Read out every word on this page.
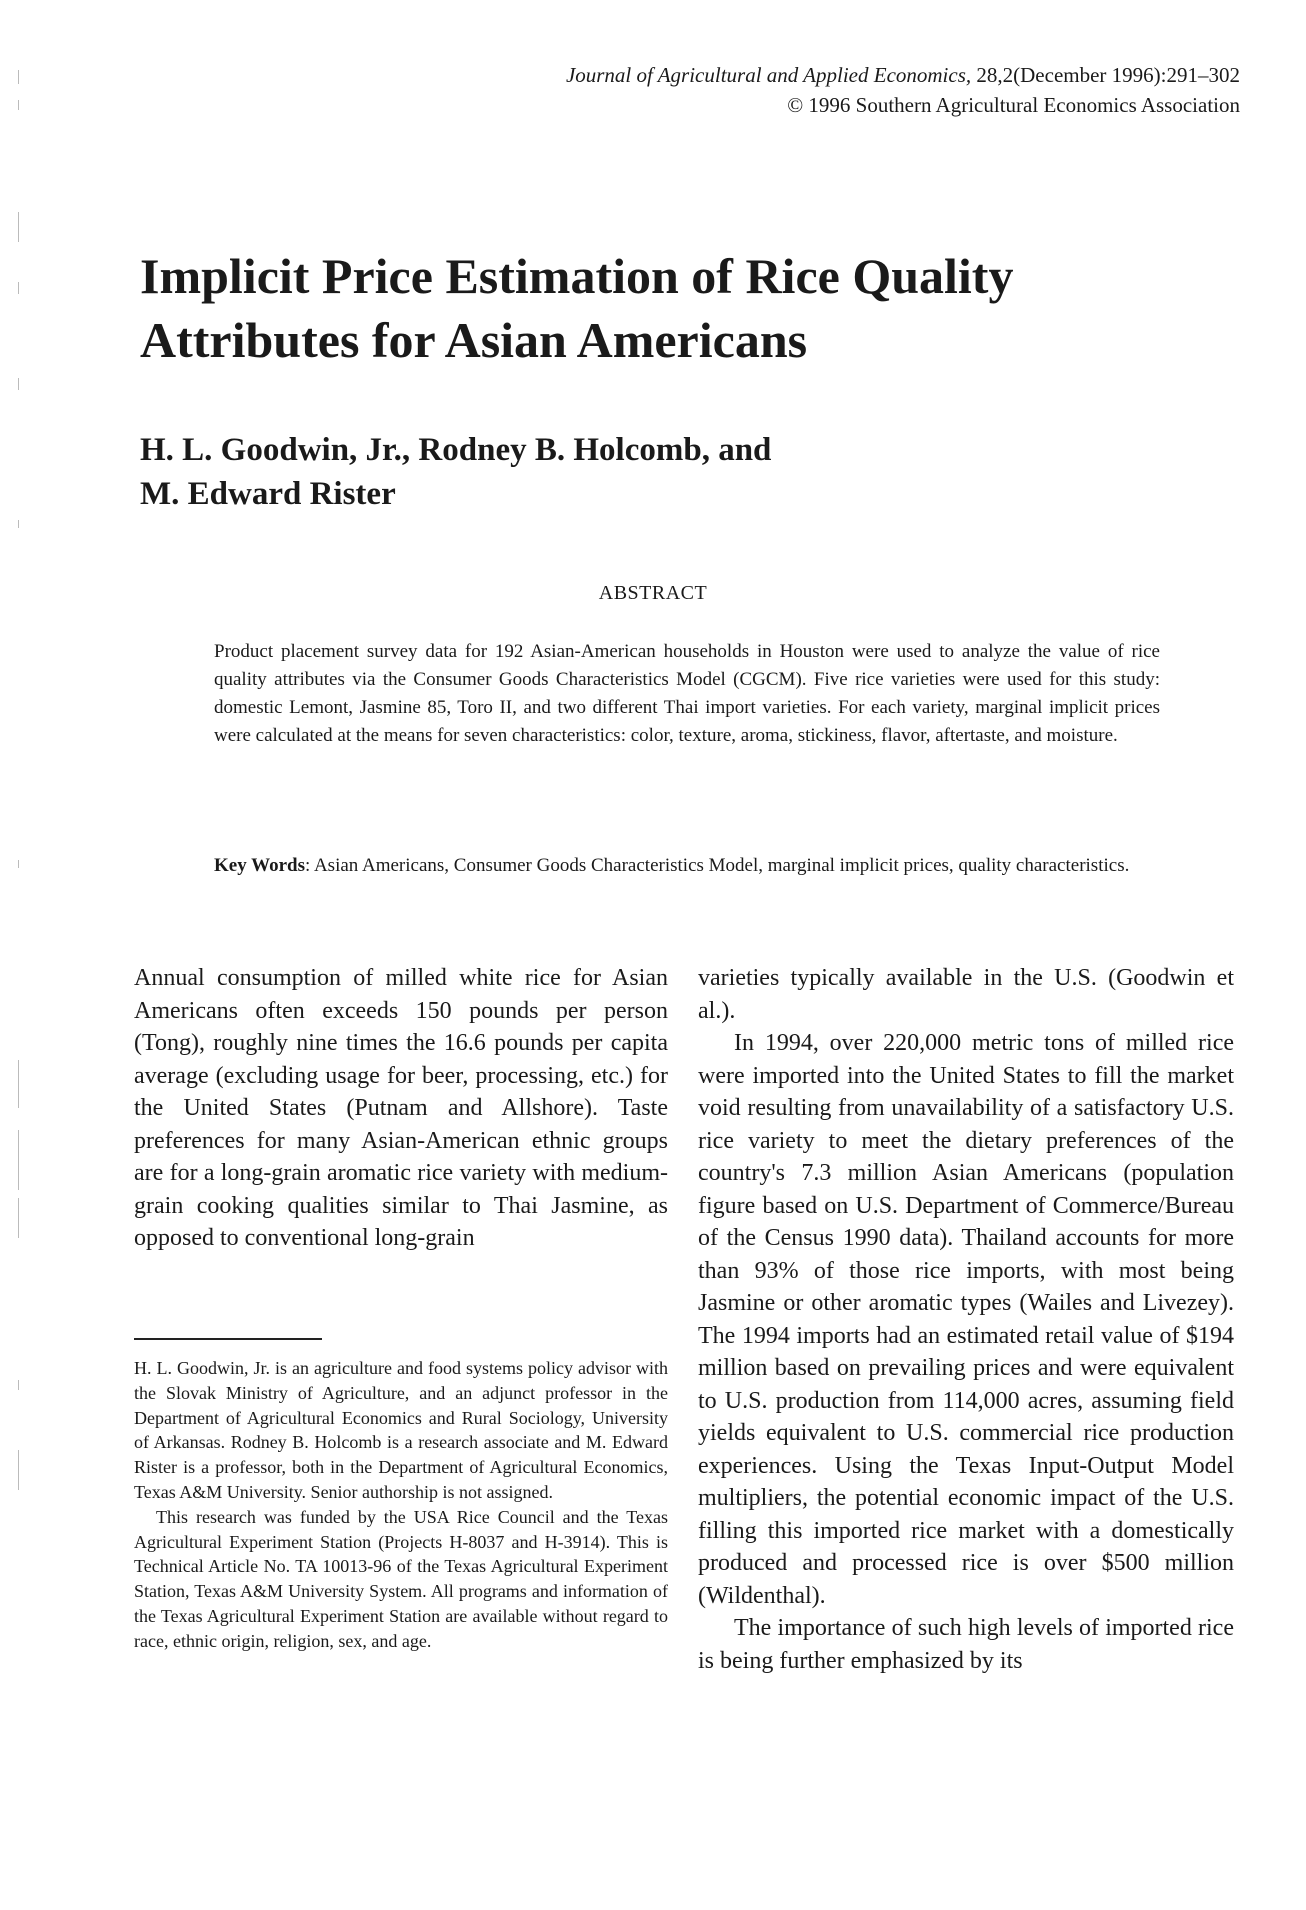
Journal of Agricultural and Applied Economics, 28,2(December 1996):291–302
© 1996 Southern Agricultural Economics Association
Implicit Price Estimation of Rice Quality
Attributes for Asian Americans
H. L. Goodwin, Jr., Rodney B. Holcomb, and
M. Edward Rister
ABSTRACT

Product placement survey data for 192 Asian-American households in Houston were used to analyze the value of rice quality attributes via the Consumer Goods Characteristics Model (CGCM). Five rice varieties were used for this study: domestic Lemont, Jasmine 85, Toro II, and two different Thai import varieties. For each variety, marginal implicit prices were calculated at the means for seven characteristics: color, texture, aroma, stickiness, flavor, aftertaste, and moisture.

Key Words: Asian Americans, Consumer Goods Characteristics Model, marginal implicit prices, quality characteristics.

Annual consumption of milled white rice for Asian Americans often exceeds 150 pounds per person (Tong), roughly nine times the 16.6 pounds per capita average (excluding usage for beer, processing, etc.) for the United States (Putnam and Allshore). Taste preferences for many Asian-American ethnic groups are for a long-grain aromatic rice variety with medium-grain cooking qualities similar to Thai Jasmine, as opposed to conventional long-grain

H. L. Goodwin, Jr. is an agriculture and food systems policy advisor with the Slovak Ministry of Agriculture, and an adjunct professor in the Department of Agricultural Economics and Rural Sociology, University of Arkansas. Rodney B. Holcomb is a research associate and M. Edward Rister is a professor, both in the Department of Agricultural Economics, Texas A&M University. Senior authorship is not assigned.

This research was funded by the USA Rice Council and the Texas Agricultural Experiment Station (Projects H-8037 and H-3914). This is Technical Article No. TA 10013-96 of the Texas Agricultural Experiment Station, Texas A&M University System. All programs and information of the Texas Agricultural Experiment Station are available without regard to race, ethnic origin, religion, sex, and age.

varieties typically available in the U.S. (Goodwin et al.).

In 1994, over 220,000 metric tons of milled rice were imported into the United States to fill the market void resulting from unavailability of a satisfactory U.S. rice variety to meet the dietary preferences of the country's 7.3 million Asian Americans (population figure based on U.S. Department of Commerce/Bureau of the Census 1990 data). Thailand accounts for more than 93% of those rice imports, with most being Jasmine or other aromatic types (Wailes and Livezey). The 1994 imports had an estimated retail value of $194 million based on prevailing prices and were equivalent to U.S. production from 114,000 acres, assuming field yields equivalent to U.S. commercial rice production experiences. Using the Texas Input-Output Model multipliers, the potential economic impact of the U.S. filling this imported rice market with a domestically produced and processed rice is over $500 million (Wildenthal).

The importance of such high levels of imported rice is being further emphasized by its
